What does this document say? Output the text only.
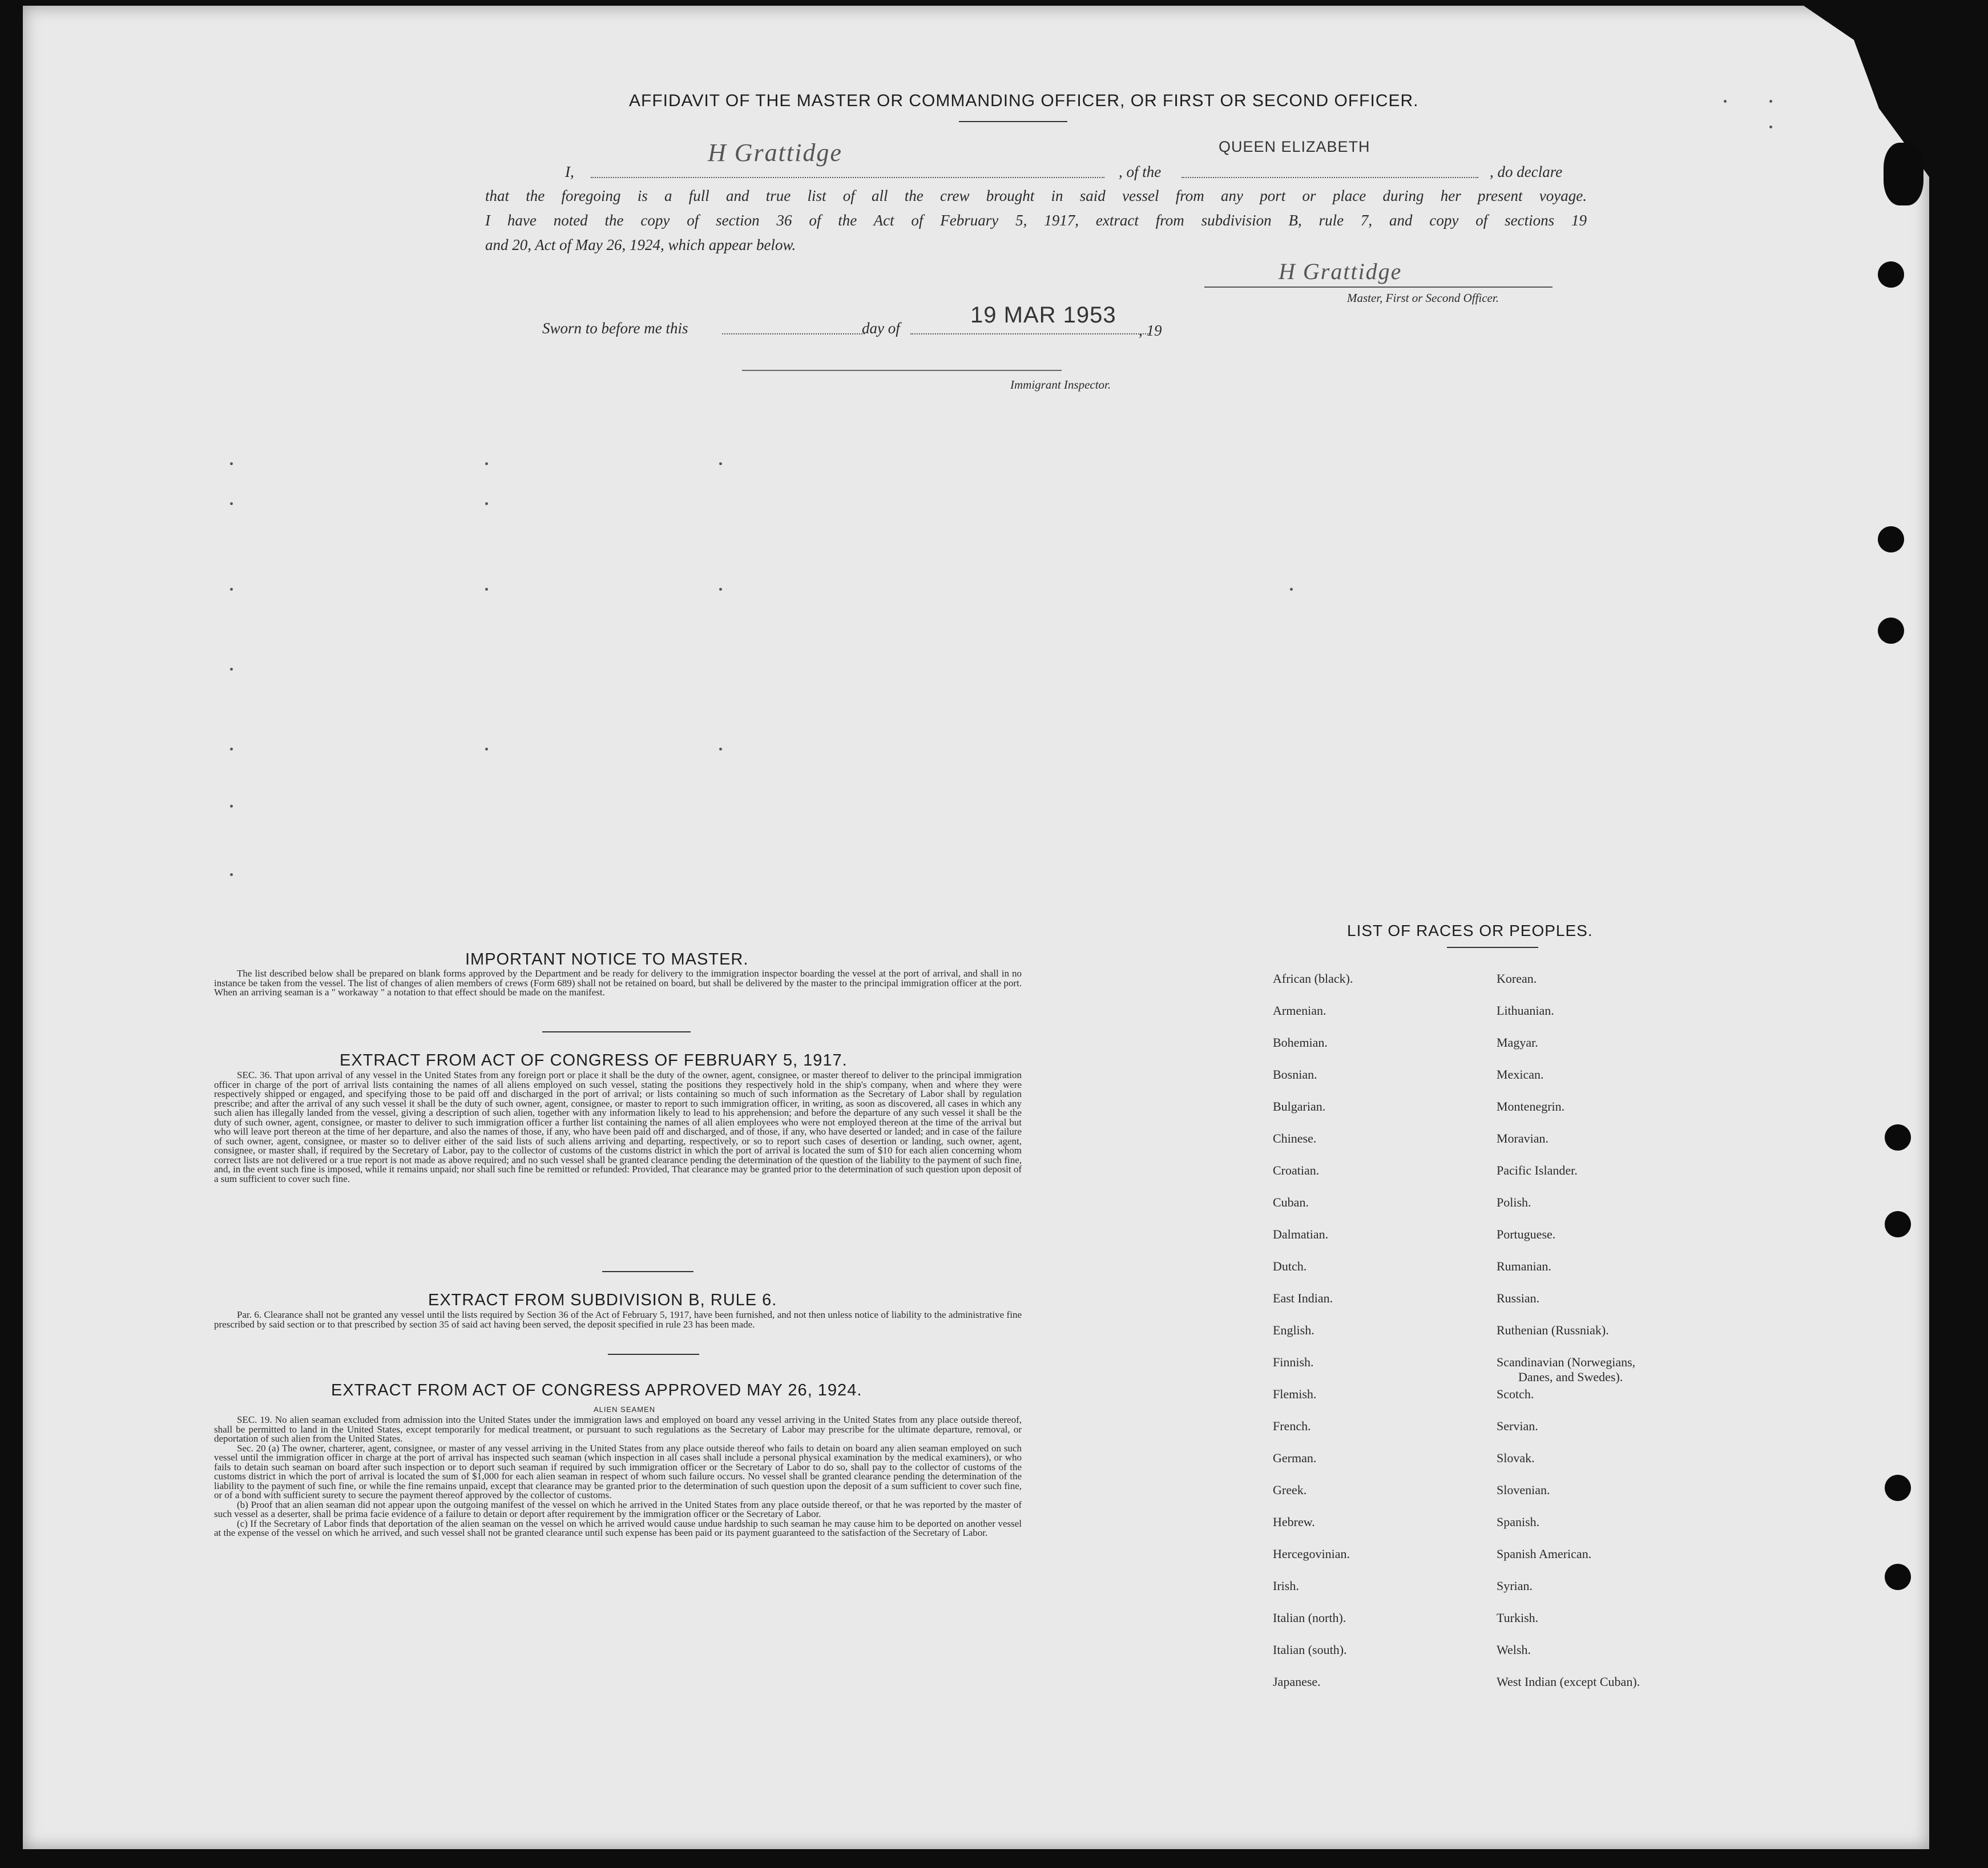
AFFIDAVIT OF THE MASTER OR COMMANDING OFFICER, OR FIRST OR SECOND OFFICER.
I,
H Grattidge
, of the
QUEEN ELIZABETH
, do declare
that the foregoing is a full and true list of all the crew brought in said vessel from any port or place during her present voyage.
I have noted the copy of section 36 of the Act of February 5, 1917, extract from subdivision B, rule 7, and copy of sections 19
and 20, Act of May 26, 1924, which appear below.
H Grattidge
Master, First or Second Officer.
Sworn to before me this	day of
19 MAR 1953
, 19
Immigrant Inspector.
IMPORTANT NOTICE TO MASTER.

The list described below shall be prepared on blank forms approved by the Department and be ready for delivery to the immigration inspector boarding the vessel at the port of arrival, and shall in no instance be taken from the vessel. The list of changes of alien members of crews (Form 689) shall not be retained on board, but shall be delivered by the master to the principal immigration officer at the port. When an arriving seaman is a " workaway " a notation to that effect should be made on the manifest.

EXTRACT FROM ACT OF CONGRESS OF FEBRUARY 5, 1917.

SEC. 36. That upon arrival of any vessel in the United States from any foreign port or place it shall be the duty of the owner, agent, consignee, or master thereof to deliver to the principal immigration officer in charge of the port of arrival lists containing the names of all aliens employed on such vessel, stating the positions they respectively hold in the ship's company, when and where they were respectively shipped or engaged, and specifying those to be paid off and discharged in the port of arrival; or lists containing so much of such information as the Secretary of Labor shall by regulation prescribe; and after the arrival of any such vessel it shall be the duty of such owner, agent, consignee, or master to report to such immigration officer, in writing, as soon as discovered, all cases in which any such alien has illegally landed from the vessel, giving a description of such alien, together with any information likely to lead to his apprehension; and before the departure of any such vessel it shall be the duty of such owner, agent, consignee, or master to deliver to such immigration officer a further list containing the names of all alien employees who were not employed thereon at the time of the arrival but who will leave port thereon at the time of her departure, and also the names of those, if any, who have been paid off and discharged, and of those, if any, who have deserted or landed; and in case of the failure of such owner, agent, consignee, or master so to deliver either of the said lists of such aliens arriving and departing, respectively, or so to report such cases of desertion or landing, such owner, agent, consignee, or master shall, if required by the Secretary of Labor, pay to the collector of customs of the customs district in which the port of arrival is located the sum of $10 for each alien concerning whom correct lists are not delivered or a true report is not made as above required; and no such vessel shall be granted clearance pending the determination of the question of the liability to the payment of such fine, and, in the event such fine is imposed, while it remains unpaid; nor shall such fine be remitted or refunded: Provided, That clearance may be granted prior to the determination of such question upon deposit of a sum sufficient to cover such fine.

EXTRACT FROM SUBDIVISION B, RULE 6.

Par. 6. Clearance shall not be granted any vessel until the lists required by Section 36 of the Act of February 5, 1917, have been furnished, and not then unless notice of liability to the administrative fine prescribed by said section or to that prescribed by section 35 of said act having been served, the deposit specified in rule 23 has been made.

EXTRACT FROM ACT OF CONGRESS APPROVED MAY 26, 1924.
ALIEN SEAMEN

SEC. 19. No alien seaman excluded from admission into the United States under the immigration laws and employed on board any vessel arriving in the United States from any place outside thereof, shall be permitted to land in the United States, except temporarily for medical treatment, or pursuant to such regulations as the Secretary of Labor may prescribe for the ultimate departure, removal, or deportation of such alien from the United States.

Sec. 20 (a) The owner, charterer, agent, consignee, or master of any vessel arriving in the United States from any place outside thereof who fails to detain on board any alien seaman employed on such vessel until the immigration officer in charge at the port of arrival has inspected such seaman (which inspection in all cases shall include a personal physical examination by the medical examiners), or who fails to detain such seaman on board after such inspection or to deport such seaman if required by such immigration officer or the Secretary of Labor to do so, shall pay to the collector of customs of the customs district in which the port of arrival is located the sum of $1,000 for each alien seaman in respect of whom such failure occurs. No vessel shall be granted clearance pending the determination of the liability to the payment of such fine, or while the fine remains unpaid, except that clearance may be granted prior to the determination of such question upon the deposit of a sum sufficient to cover such fine, or of a bond with sufficient surety to secure the payment thereof approved by the collector of customs.

(b) Proof that an alien seaman did not appear upon the outgoing manifest of the vessel on which he arrived in the United States from any place outside thereof, or that he was reported by the master of such vessel as a deserter, shall be prima facie evidence of a failure to detain or deport after requirement by the immigration officer or the Secretary of Labor.

(c) If the Secretary of Labor finds that deportation of the alien seaman on the vessel on which he arrived would cause undue hardship to such seaman he may cause him to be deported on another vessel at the expense of the vessel on which he arrived, and such vessel shall not be granted clearance until such expense has been paid or its payment guaranteed to the satisfaction of the Secretary of Labor.

LIST OF RACES OR PEOPLES.
African (black).
Armenian.
Bohemian.
Bosnian.
Bulgarian.
Chinese.
Croatian.
Cuban.
Dalmatian.
Dutch.
East Indian.
English.
Finnish.
Flemish.
French.
German.
Greek.
Hebrew.
Hercegovinian.
Irish.
Italian (north).
Italian (south).
Japanese.
Korean.
Lithuanian.
Magyar.
Mexican.
Montenegrin.
Moravian.
Pacific Islander.
Polish.
Portuguese.
Rumanian.
Russian.
Ruthenian (Russniak).
Scandinavian (Norwegians,
Danes, and Swedes).
Scotch.
Servian.
Slovak.
Slovenian.
Spanish.
Spanish American.
Syrian.
Turkish.
Welsh.
West Indian (except Cuban).
